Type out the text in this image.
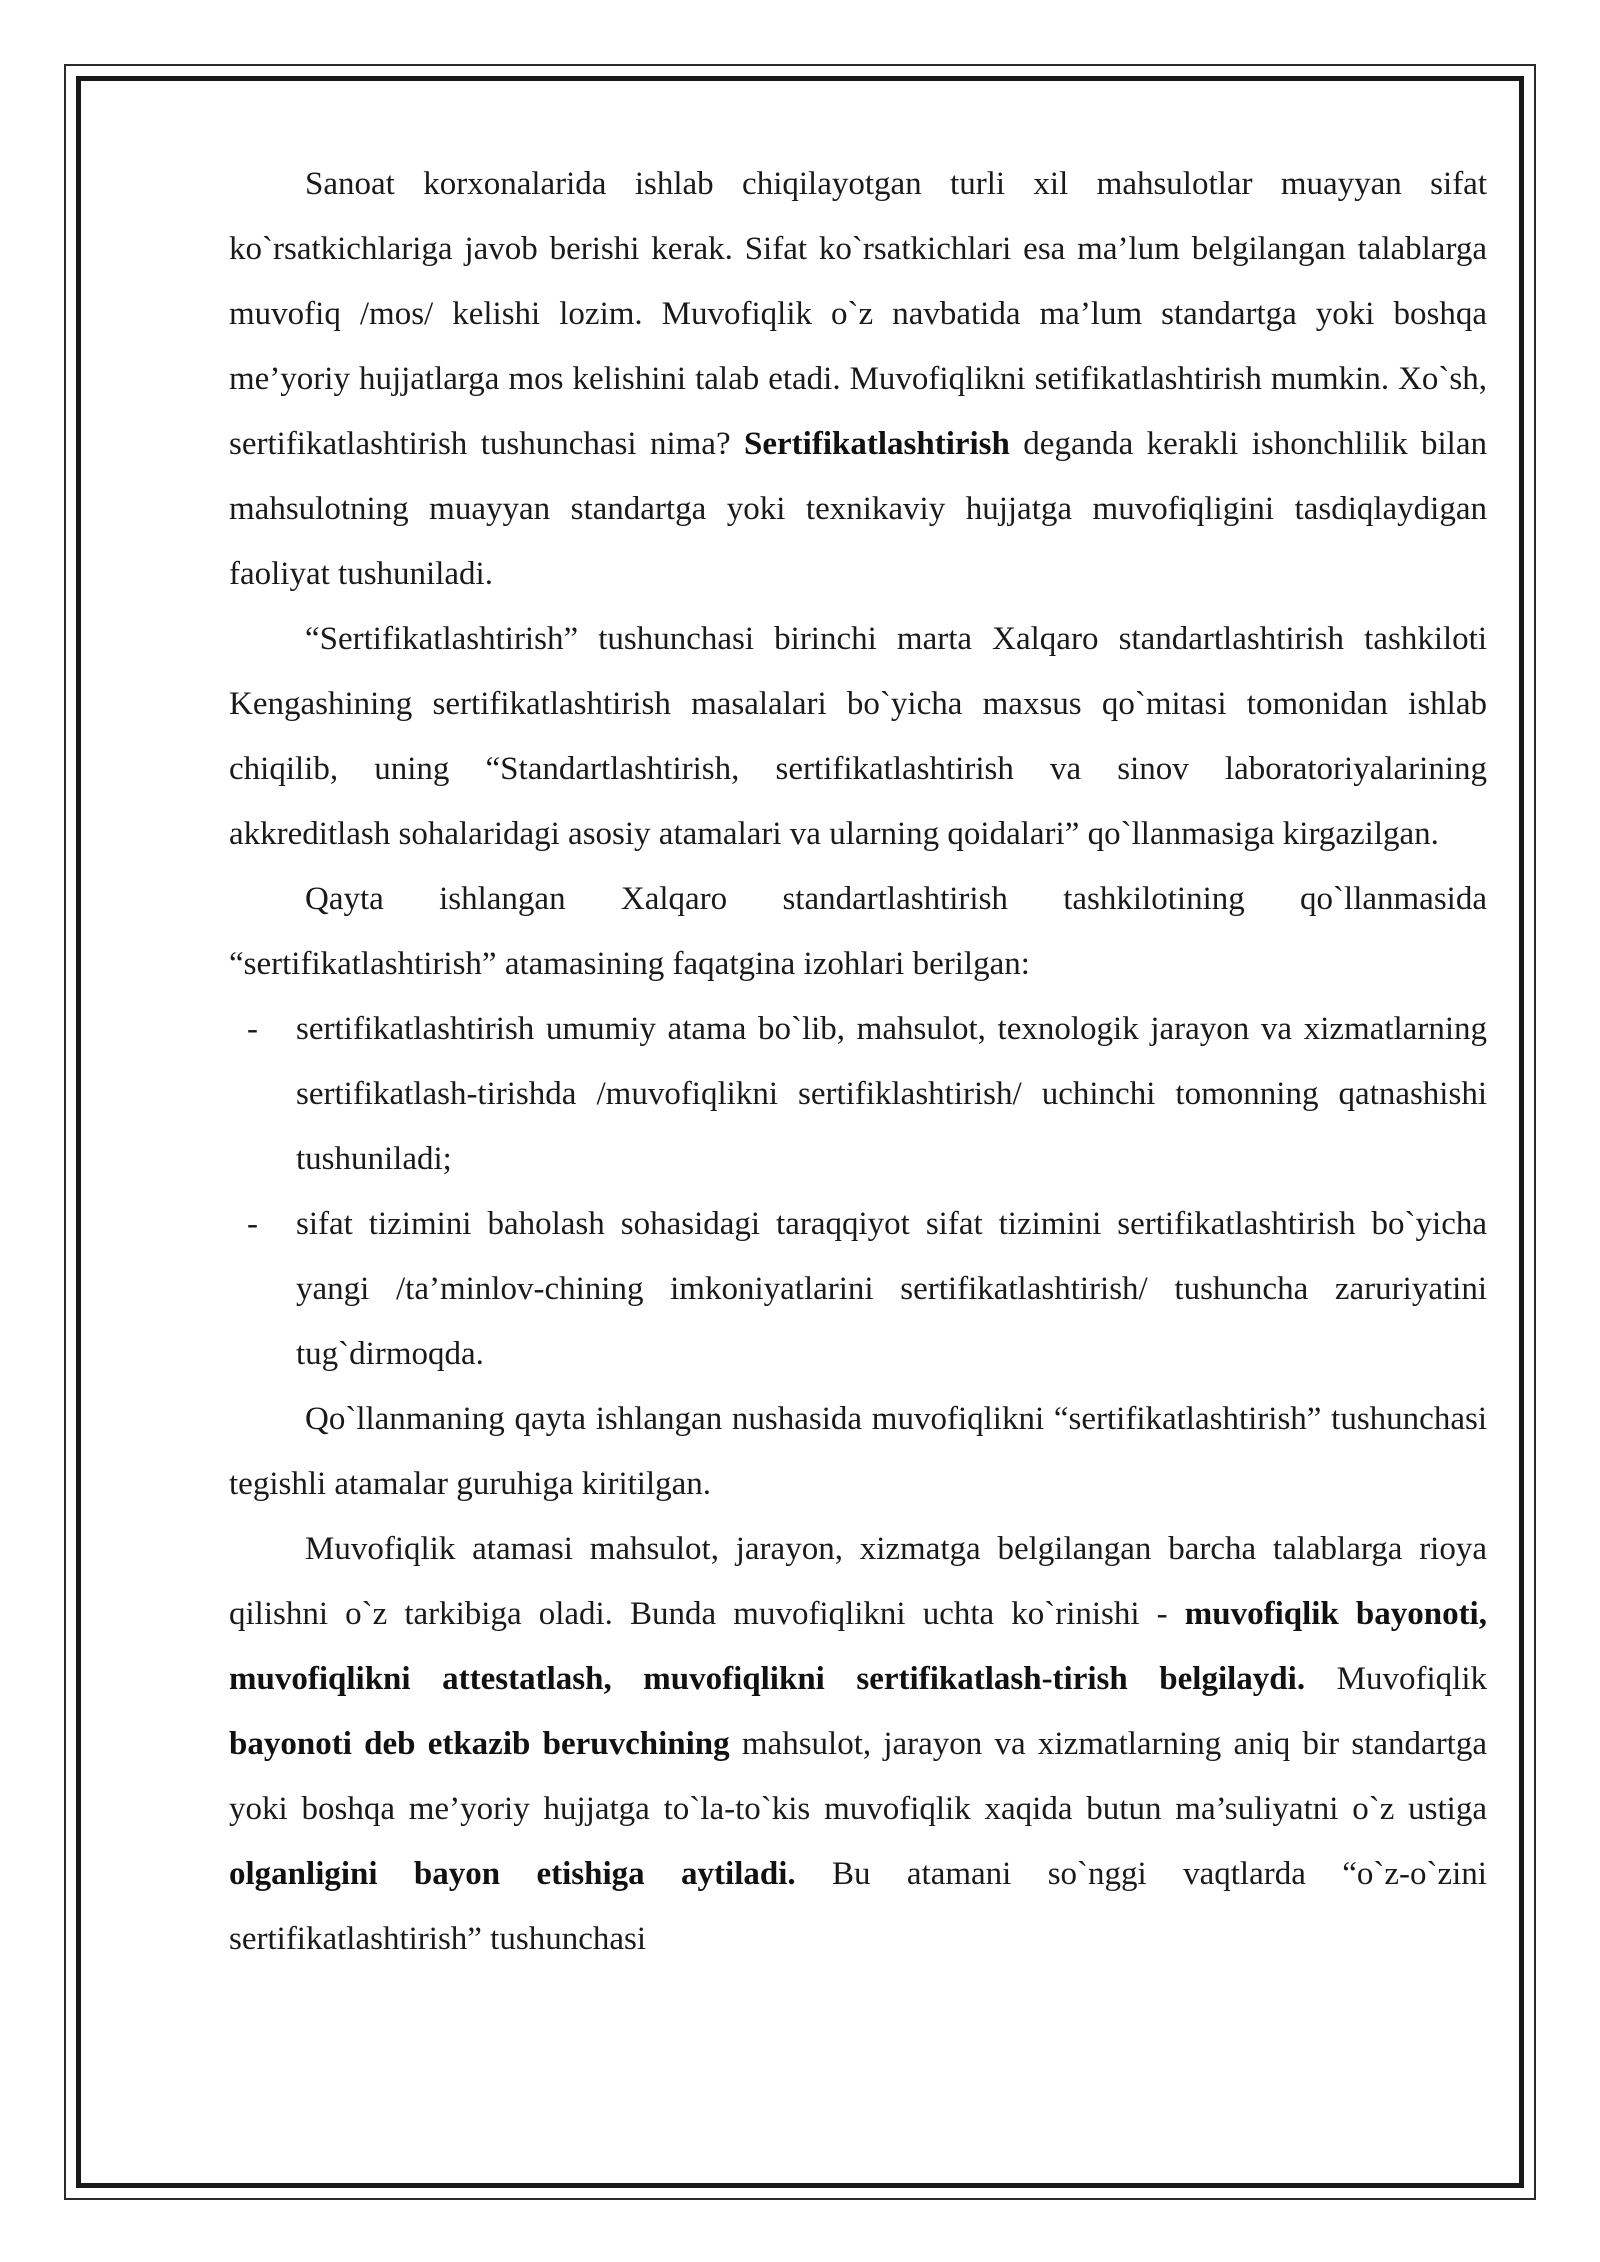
Sanoat korxonalarida ishlab chiqilayotgan turli xil mahsulotlar muayyan sifat ko`rsatkichlariga javob berishi kerak. Sifat ko`rsatkichlari esa ma’lum belgilangan talablarga muvofiq /mos/ kelishi lozim. Muvofiqlik o`z navbatida ma’lum standartga yoki boshqa me’yoriy hujjatlarga mos kelishini talab etadi. Muvofiqlikni setifikatlashtirish mumkin. Xo`sh, sertifikatlashtirish tushunchasi nima? Sertifikatlashtirish deganda kerakli ishonchlilik bilan mahsulotning muayyan standartga yoki texnikaviy hujjatga muvofiqligini tasdiqlaydigan faoliyat tushuniladi.

“Sertifikatlashtirish” tushunchasi birinchi marta Xalqaro standartlashtirish tashkiloti Kengashining sertifikatlashtirish masalalari bo`yicha maxsus qo`mitasi tomonidan ishlab chiqilib, uning “Standartlashtirish, sertifikatlashtirish va sinov laboratoriyalarining akkreditlash sohalaridagi asosiy atamalari va ularning qoidalari” qo`llanmasiga kirgazilgan.

Qayta ishlangan Xalqaro standartlashtirish tashkilotining qo`llanmasida “sertifikatlashtirish” atamasining faqatgina izohlari berilgan:

- sertifikatlashtirish umumiy atama bo`lib, mahsulot, texnologik jarayon va xizmatlarning sertifikatlash-tirishda /muvofiqlikni sertifiklashtirish/ uchinchi tomonning qatnashishi tushuniladi;
- sifat tizimini baholash sohasidagi taraqqiyot sifat tizimini sertifikatlashtirish bo`yicha yangi /ta’minlov-chining imkoniyatlarini sertifikatlashtirish/ tushuncha zaruriyatini tug`dirmoqda.

Qo`llanmaning qayta ishlangan nushasida muvofiqlikni “sertifikatlashtirish” tushunchasi tegishli atamalar guruhiga kiritilgan.

Muvofiqlik atamasi mahsulot, jarayon, xizmatga belgilangan barcha talablarga rioya qilishni o`z tarkibiga oladi. Bunda muvofiqlikni uchta ko`rinishi - muvofiqlik bayonoti, muvofiqlikni attestatlash, muvofiqlikni sertifikatlash-tirish belgilaydi. Muvofiqlik bayonoti deb etkazib beruvchining mahsulot, jarayon va xizmatlarning aniq bir standartga yoki boshqa me’yoriy hujjatga to`la-to`kis muvofiqlik xaqida butun ma’suliyatni o`z ustiga olganligini bayon etishiga aytiladi. Bu atamani so`nggi vaqtlarda “o`z-o`zini sertifikatlashtirish” tushunchasi
